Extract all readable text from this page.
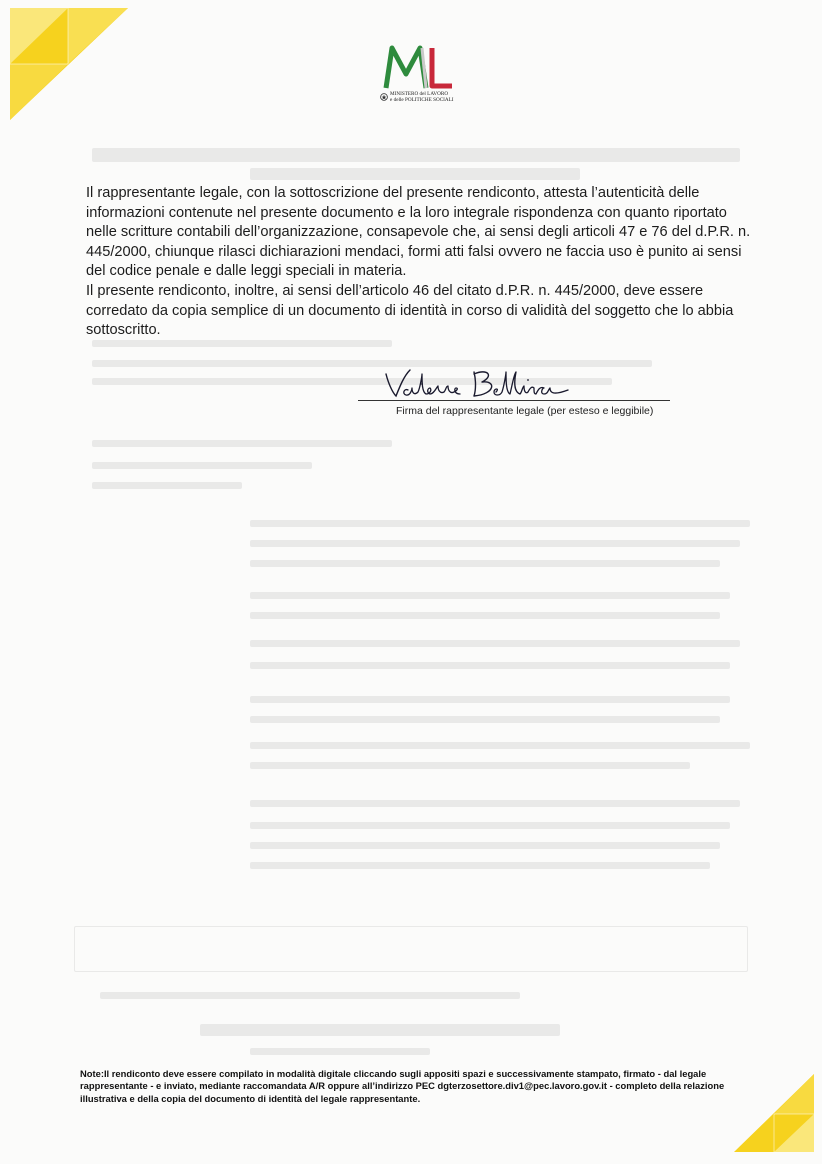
MINISTERO del LAVORO
e delle POLITICHE SOCIALI

Il rappresentante legale, con la sottoscrizione del presente rendiconto, attesta l’autenticità delle informazioni contenute nel presente documento e la loro integrale rispondenza con quanto riportato nelle scritture contabili dell’organizzazione, consapevole che, ai sensi degli articoli 47 e 76 del d.P.R. n. 445/2000, chiunque rilasci dichiarazioni mendaci, formi atti falsi ovvero ne faccia uso è punito ai sensi del codice penale e dalle leggi speciali in materia.

Il presente rendiconto, inoltre, ai sensi dell’articolo 46 del citato d.P.R. n. 445/2000, deve essere corredato da copia semplice di un documento di identità in corso di validità del soggetto che lo abbia sottoscritto.

Firma del rappresentante legale (per esteso e leggibile)
Note:Il rendiconto deve essere compilato in modalità digitale cliccando sugli appositi spazi e successivamente stampato, firmato - dal legale rappresentante - e inviato, mediante raccomandata A/R oppure all’indirizzo PEC dgterzosettore.div1@pec.lavoro.gov.it - completo della relazione illustrativa e della copia del documento di identità del legale rappresentante.
